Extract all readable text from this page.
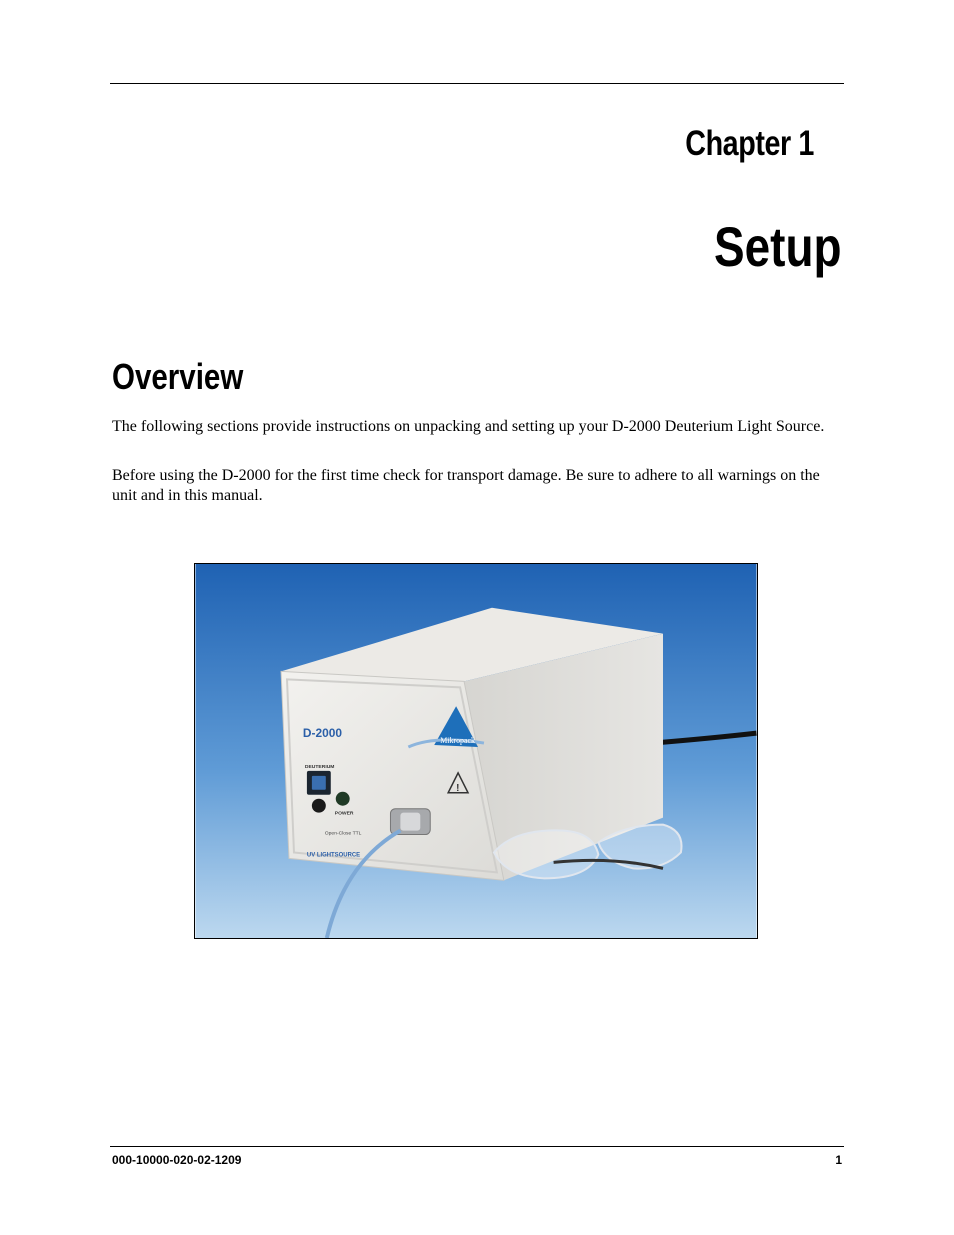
Chapter 1
Setup
Overview

The following sections provide instructions on unpacking and setting up your D-2000 Deuterium Light Source.

Before using the D-2000 for the first time check for transport damage. Be sure to adhere to all warnings on the unit and in this manual.

D-2000
Mikropack
DEUTERIUM
POWER
Open-Close TTL
UV LIGHTSOURCE
!
000-10000-020-02-1209	1
